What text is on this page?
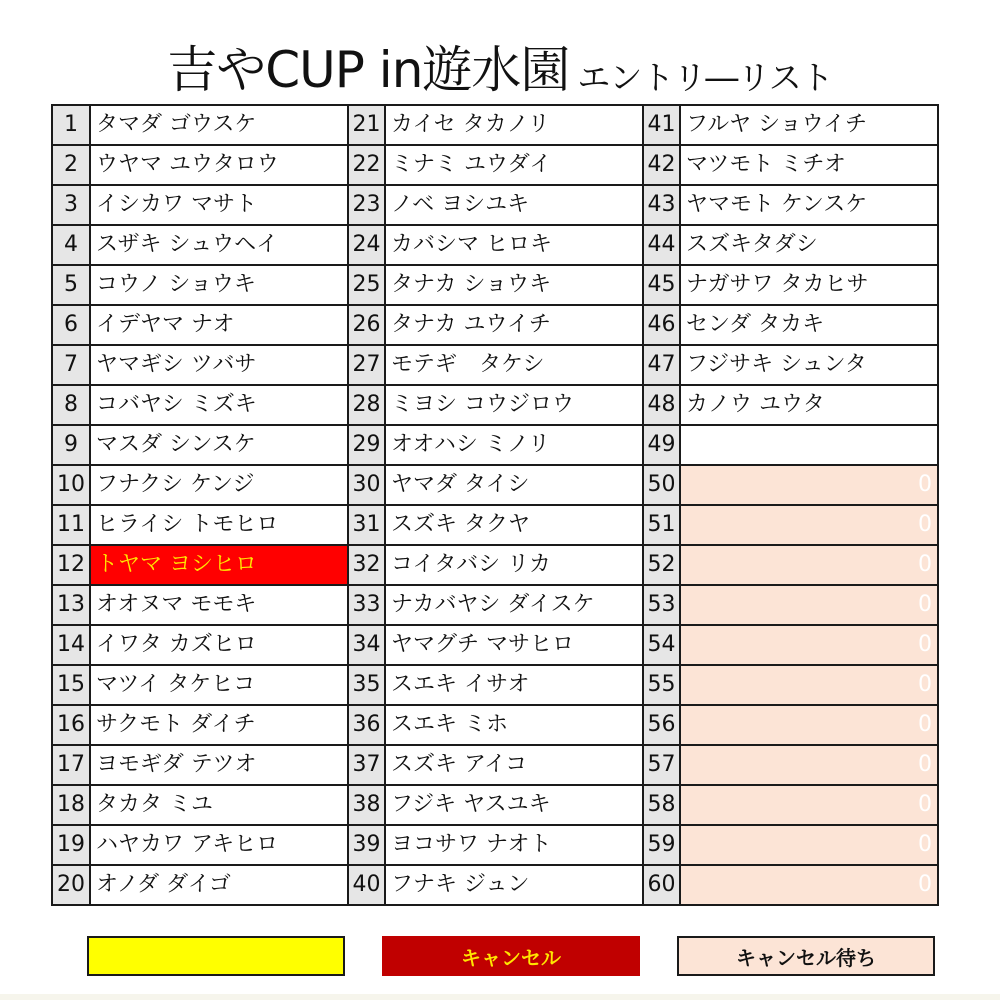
吉やCUP in遊水園 エントリ―リスト
1	タマダ ゴウスケ	21	カイセ タカノリ	41	フルヤ ショウイチ
2	ウヤマ ユウタロウ	22	ミナミ ユウダイ	42	マツモト ミチオ
3	イシカワ マサト	23	ノベ ヨシユキ	43	ヤマモト ケンスケ
4	スザキ シュウヘイ	24	カバシマ ヒロキ	44	スズキタダシ
5	コウノ ショウキ	25	タナカ ショウキ	45	ナガサワ タカヒサ
6	イデヤマ ナオ	26	タナカ ユウイチ	46	センダ タカキ
7	ヤマギシ ツバサ	27	モテギ　タケシ	47	フジサキ シュンタ
8	コバヤシ ミズキ	28	ミヨシ コウジロウ	48	カノウ ユウタ
9	マスダ シンスケ	29	オオハシ ミノリ	49	
10	フナクシ ケンジ	30	ヤマダ タイシ	50	0
11	ヒライシ トモヒロ	31	スズキ タクヤ	51	0
12	トヤマ ヨシヒロ	32	コイタバシ リカ	52	0
13	オオヌマ モモキ	33	ナカバヤシ ダイスケ	53	0
14	イワタ カズヒロ	34	ヤマグチ マサヒロ	54	0
15	マツイ タケヒコ	35	スエキ イサオ	55	0
16	サクモト ダイチ	36	スエキ ミホ	56	0
17	ヨモギダ テツオ	37	スズキ アイコ	57	0
18	タカタ ミユ	38	フジキ ヤスユキ	58	0
19	ハヤカワ アキヒロ	39	ヨコサワ ナオト	59	0
20	オノダ ダイゴ	40	フナキ ジュン	60	0
キャンセル	キャンセル待ち
